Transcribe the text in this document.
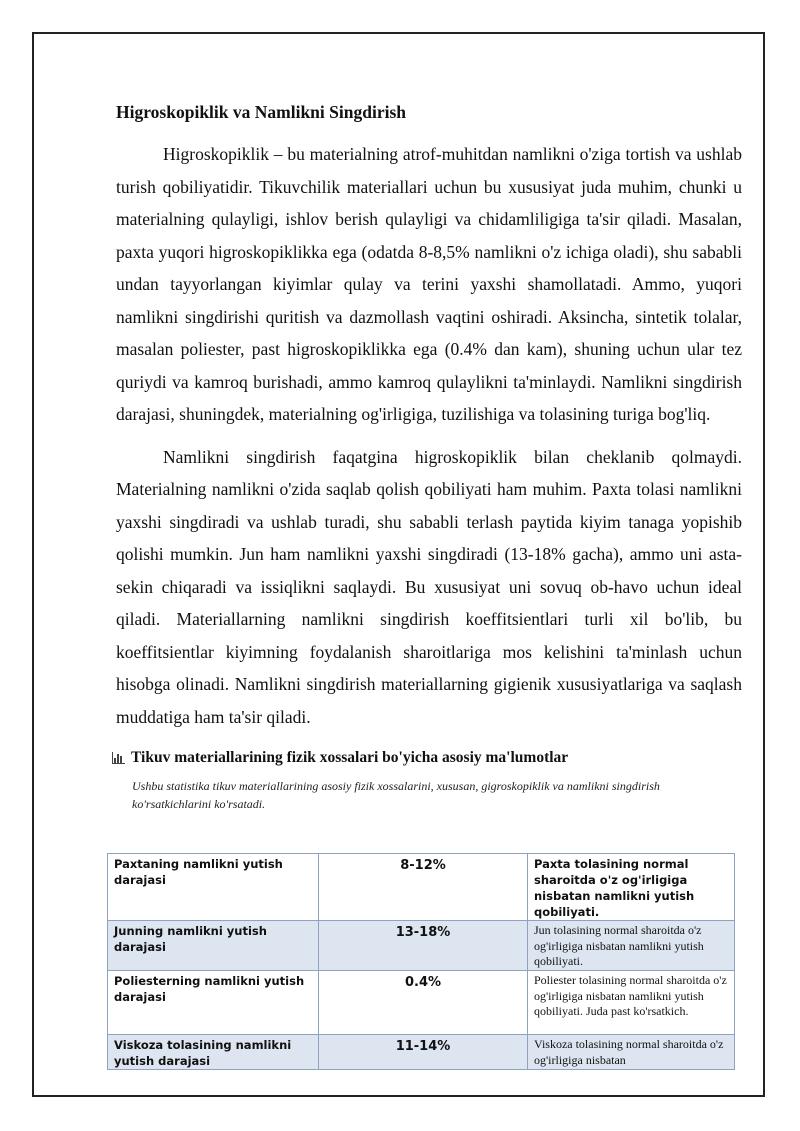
Higroskopiklik va Namlikni Singdirish

Higroskopiklik – bu materialning atrof-muhitdan namlikni o'ziga tortish va ushlab turish qobiliyatidir. Tikuvchilik materiallari uchun bu xususiyat juda muhim, chunki u materialning qulayligi, ishlov berish qulayligi va chidamliligiga ta'sir qiladi. Masalan, paxta yuqori higroskopiklikka ega (odatda 8-8,5% namlikni o'z ichiga oladi), shu sababli undan tayyorlangan kiyimlar qulay va terini yaxshi shamollatadi. Ammo, yuqori namlikni singdirishi quritish va dazmollash vaqtini oshiradi. Aksincha, sintetik tolalar, masalan poliester, past higroskopiklikka ega (0.4% dan kam), shuning uchun ular tez quriydi va kamroq burishadi, ammo kamroq qulaylikni ta'minlaydi. Namlikni singdirish darajasi, shuningdek, materialning og'irligiga, tuzilishiga va tolasining turiga bog'liq.

Namlikni singdirish faqatgina higroskopiklik bilan cheklanib qolmaydi. Materialning namlikni o'zida saqlab qolish qobiliyati ham muhim. Paxta tolasi namlikni yaxshi singdiradi va ushlab turadi, shu sababli terlash paytida kiyim tanaga yopishib qolishi mumkin. Jun ham namlikni yaxshi singdiradi (13-18% gacha), ammo uni asta-sekin chiqaradi va issiqlikni saqlaydi. Bu xususiyat uni sovuq ob-havo uchun ideal qiladi. Materiallarning namlikni singdirish koeffitsientlari turli xil bo'lib, bu koeffitsientlar kiyimning foydalanish sharoitlariga mos kelishini ta'minlash uchun hisobga olinadi. Namlikni singdirish materiallarning gigienik xususiyatlariga va saqlash muddatiga ham ta'sir qiladi.

Tikuv materiallarining fizik xossalari bo'yicha asosiy ma'lumotlar
Ushbu statistika tikuv materiallarining asosiy fizik xossalarini, xususan, gigroskopiklik va namlikni singdirish ko'rsatkichlarini ko'rsatadi.
Paxtaning namlikni yutish darajasi	8-12%	Paxta tolasining normal sharoitda o'z og'irligiga nisbatan namlikni yutish qobiliyati.
Junning namlikni yutish darajasi	13-18%	Jun tolasining normal sharoitda o'z og'irligiga nisbatan namlikni yutish qobiliyati.
Poliesterning namlikni yutish darajasi	0.4%	Poliester tolasining normal sharoitda o'z og'irligiga nisbatan namlikni yutish qobiliyati. Juda past ko'rsatkich.
Viskoza tolasining namlikni yutish darajasi	11-14%	Viskoza tolasining normal sharoitda o'z og'irligiga nisbatan
